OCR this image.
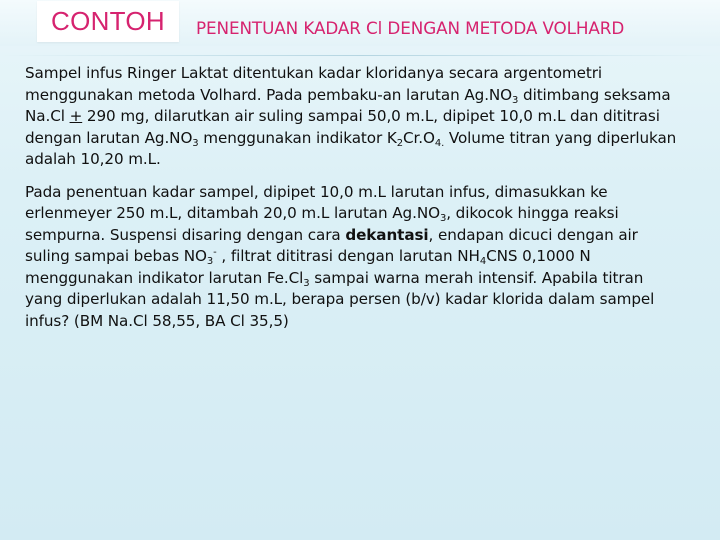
CONTOH PENENTUAN KADAR Cl DENGAN METODA VOLHARD

Sampel infus Ringer Laktat ditentukan kadar kloridanya secara argentometri
menggunakan metoda Volhard. Pada pembaku-an larutan $Ag.NO_3$ ditimbang seksama
Na.Cl + 290 mg, dilarutkan air suling sampai 50,0 m.L, dipipet 10,0 m.L dan dititrasi
dengan larutan $Ag.NO_3$ menggunakan indikator $K_2Cr.O_{4.}$ Volume titran yang diperlukan
adalah 10,20 m.L.

Pada penentuan kadar sampel, dipipet 10,0 m.L larutan infus, dimasukkan ke
erlenmeyer 250 m.L, ditambah 20,0 m.L larutan $Ag.NO_3$, dikocok hingga reaksi
sempurna. Suspensi disaring dengan cara dekantasi, endapan dicuci dengan air
suling sampai bebas $NO_3^-$ , filtrat dititrasi dengan larutan $NH_4CNS$ 0,1000 N
menggunakan indikator larutan $Fe.Cl_3$ sampai warna merah intensif. Apabila titran
yang diperlukan adalah 11,50 m.L, berapa persen (b/v) kadar klorida dalam sampel
infus? (BM Na.Cl 58,55, BA Cl 35,5)
